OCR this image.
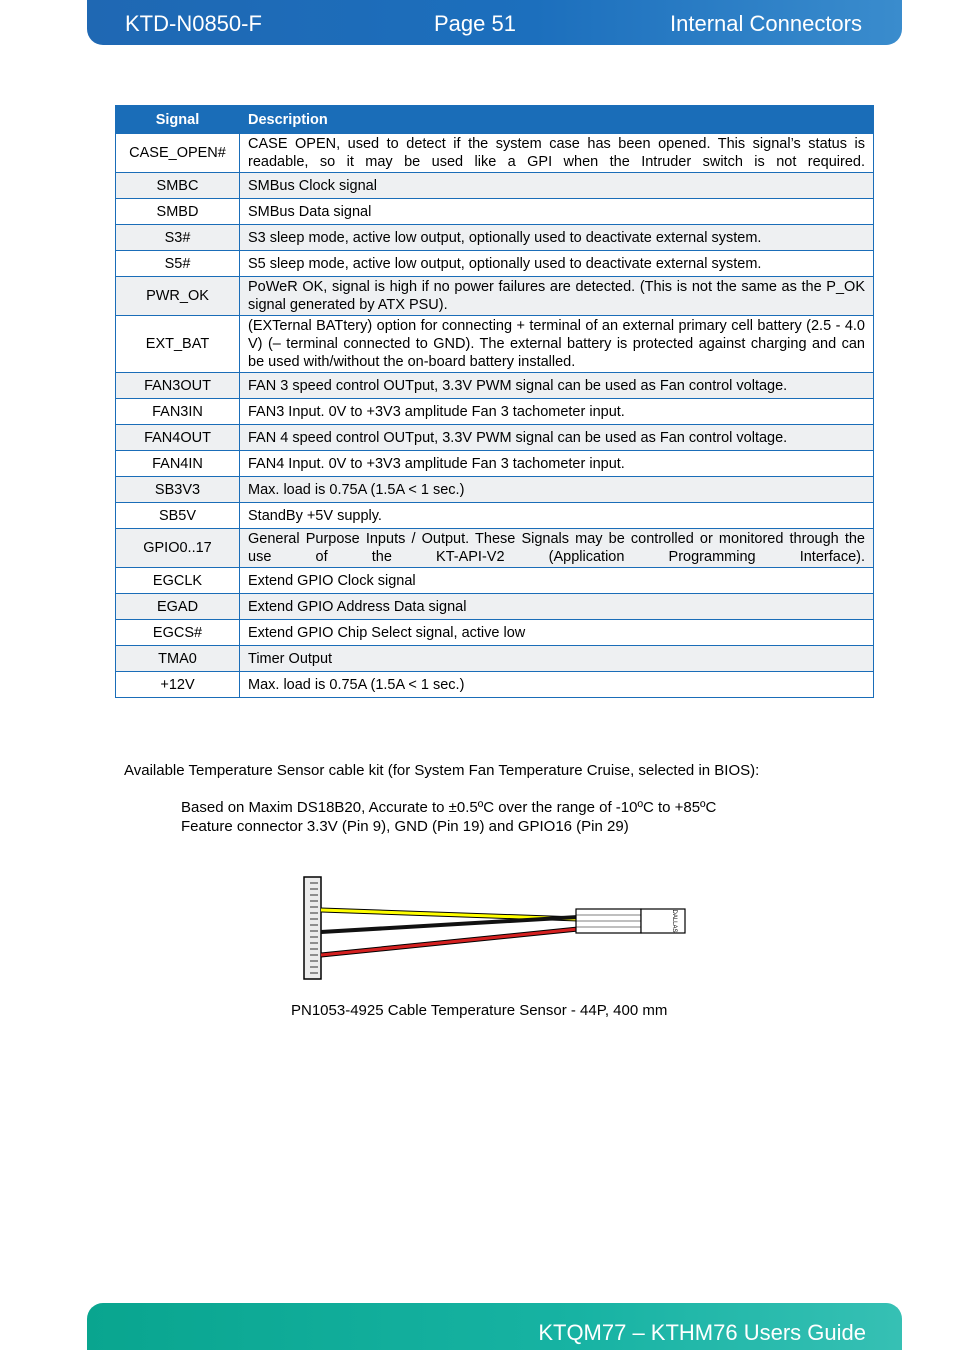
KTD-N0850-F	Page 51	Internal Connectors
Signal	Description
CASE_OPEN#	CASE OPEN, used to detect if the system case has been opened. This signal’s status is readable, so it may be used like a GPI when the Intruder switch is not required.
SMBC	SMBus Clock signal
SMBD	SMBus Data signal
S3#	S3 sleep mode, active low output, optionally used to deactivate external system.
S5#	S5 sleep mode, active low output, optionally used to deactivate external system.
PWR_OK	PoWeR OK, signal is high if no power failures are detected. (This is not the same as the P_OK signal generated by ATX PSU).
EXT_BAT	(EXTernal BATtery) option for connecting + terminal of an external primary cell battery (2.5 - 4.0 V) (– terminal connected to GND). The external battery is protected against charging and can be used with/without the on-board battery installed.
FAN3OUT	FAN 3 speed control OUTput, 3.3V PWM signal can be used as Fan control voltage.
FAN3IN	FAN3 Input. 0V to +3V3 amplitude Fan 3 tachometer input.
FAN4OUT	FAN 4 speed control OUTput, 3.3V PWM signal can be used as Fan control voltage.
FAN4IN	FAN4 Input. 0V to +3V3 amplitude Fan 3 tachometer input.
SB3V3	Max. load is 0.75A (1.5A < 1 sec.)
SB5V	StandBy +5V supply.
GPIO0..17	General Purpose Inputs / Output. These Signals may be controlled or monitored through the use of the KT-API-V2 (Application Programming Interface).
EGCLK	Extend GPIO Clock signal
EGAD	Extend GPIO Address Data signal
EGCS#	Extend GPIO Chip Select signal, active low
TMA0	Timer Output
+12V	Max. load is 0.75A (1.5A < 1 sec.)
Available Temperature Sensor cable kit (for System Fan Temperature Cruise, selected in BIOS):
Based on Maxim DS18B20, Accurate to ±0.5ºC over the range of -10ºC to +85ºC
Feature connector 3.3V (Pin 9), GND (Pin 19) and GPIO16 (Pin 29)
DALLAS
PN1053-4925 Cable Temperature Sensor - 44P, 400 mm
KTQM77 – KTHM76 Users Guide
